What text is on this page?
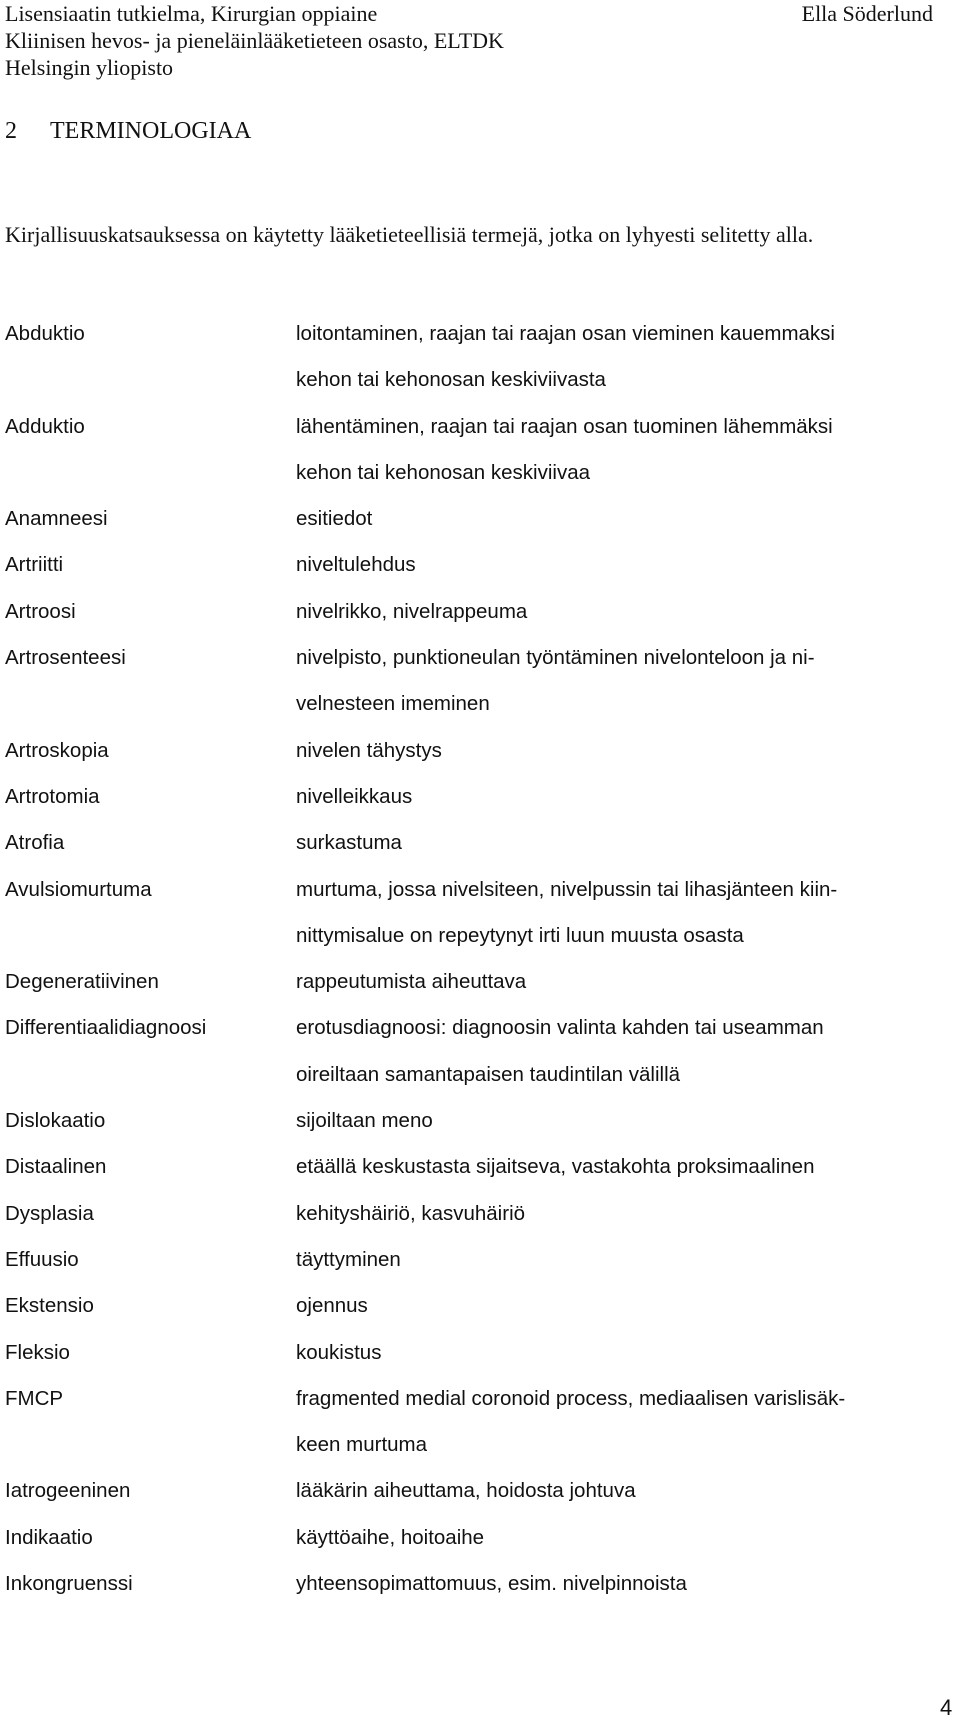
Lisensiaatin tutkielma, Kirurgian oppiaine	Ella Söderlund
Kliinisen hevos- ja pieneläinlääketieteen osasto, ELTDK
Helsingin yliopisto
2 TERMINOLOGIAA
Kirjallisuuskatsauksessa on käytetty lääketieteellisiä termejä, jotka on lyhyesti selitetty alla.
Abduktio	loitontaminen, raajan tai raajan osan vieminen kauemmaksi
kehon tai kehonosan keskiviivasta
Adduktio	lähentäminen, raajan tai raajan osan tuominen lähemmäksi
kehon tai kehonosan keskiviivaa
Anamneesi	esitiedot
Artriitti	niveltulehdus
Artroosi	nivelrikko, nivelrappeuma
Artrosenteesi	nivelpisto, punktioneulan työntäminen nivelonteloon ja ni-
velnesteen imeminen
Artroskopia	nivelen tähystys
Artrotomia	nivelleikkaus
Atrofia	surkastuma
Avulsiomurtuma	murtuma, jossa nivelsiteen, nivelpussin tai lihasjänteen kiin-
nittymisalue on repeytynyt irti luun muusta osasta
Degeneratiivinen	rappeutumista aiheuttava
Differentiaalidiagnoosi	erotusdiagnoosi: diagnoosin valinta kahden tai useamman
oireiltaan samantapaisen taudintilan välillä
Dislokaatio	sijoiltaan meno
Distaalinen	etäällä keskustasta sijaitseva, vastakohta proksimaalinen
Dysplasia	kehityshäiriö, kasvuhäiriö
Effuusio	täyttyminen
Ekstensio	ojennus
Fleksio	koukistus
FMCP	fragmented medial coronoid process, mediaalisen varislisäk-
keen murtuma
Iatrogeeninen	lääkärin aiheuttama, hoidosta johtuva
Indikaatio	käyttöaihe, hoitoaihe
Inkongruenssi	yhteensopimattomuus, esim. nivelpinnoista
4
